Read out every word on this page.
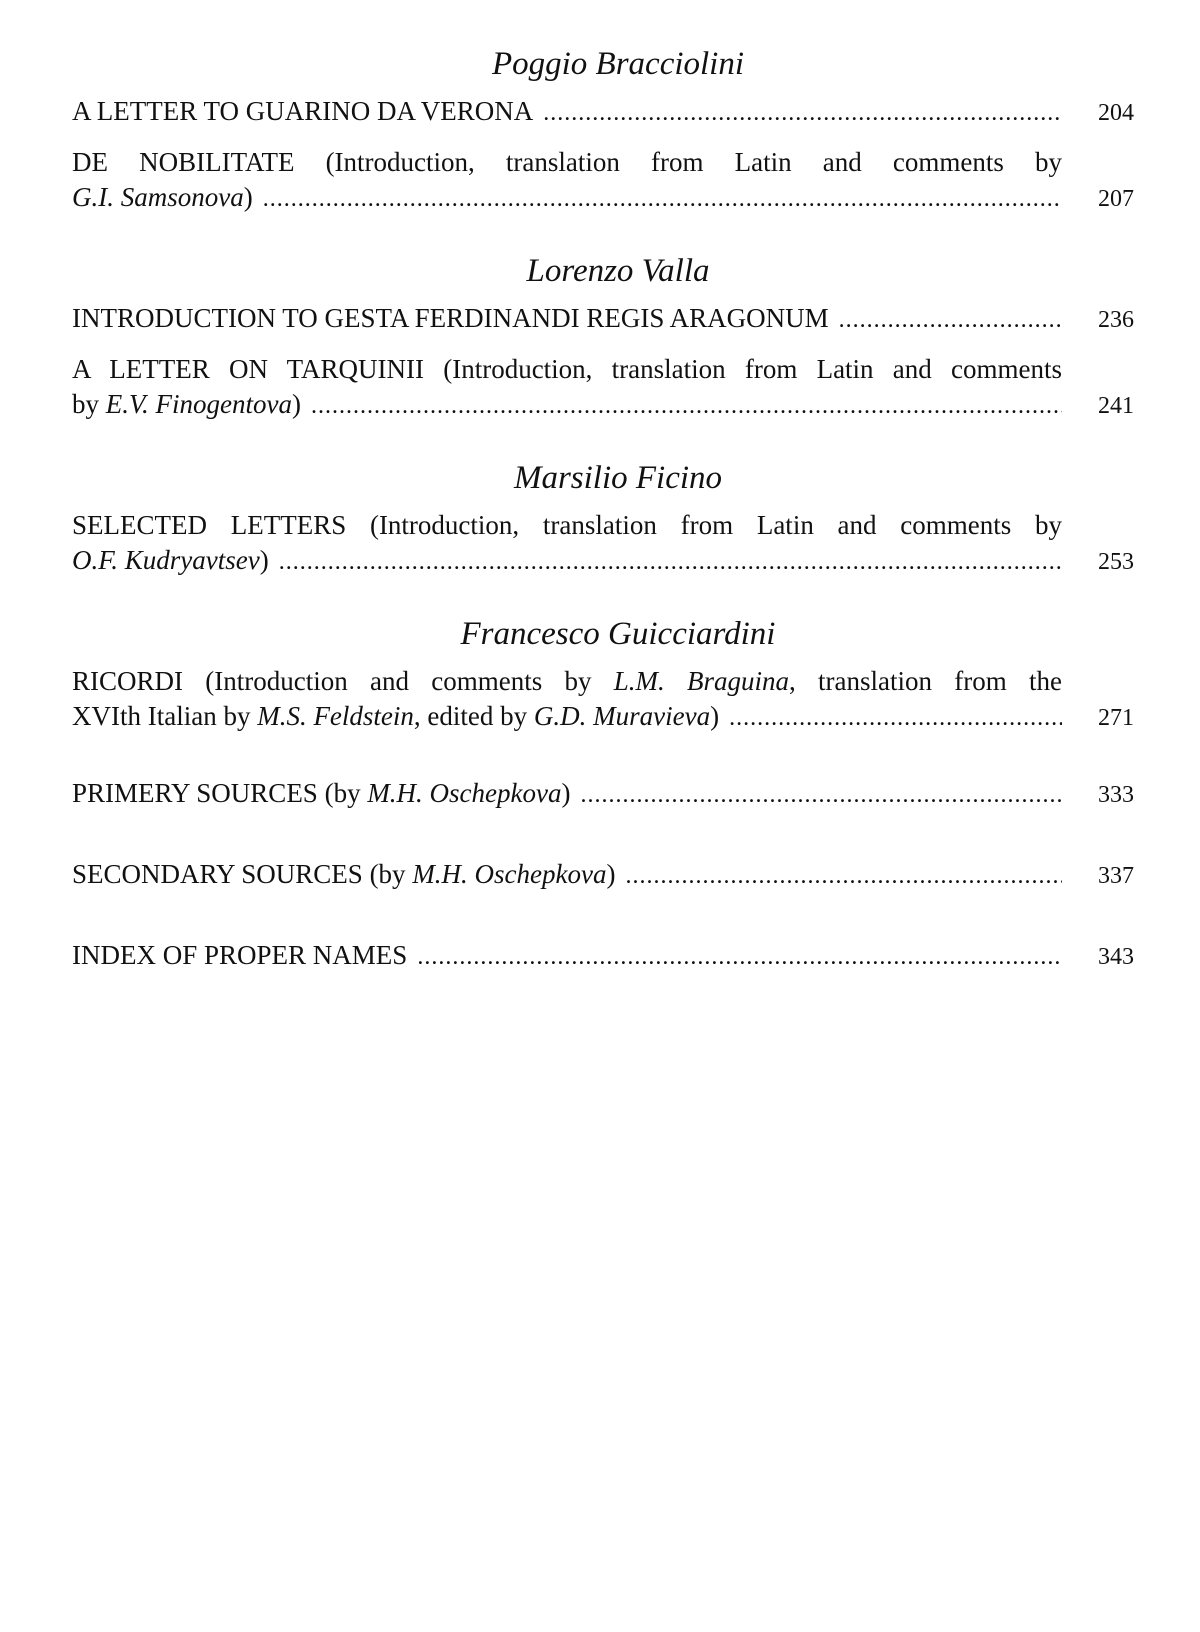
Poggio Bracciolini
A LETTER TO GUARINO DA VERONA .....	204
DE NOBILITATE (Introduction, translation from Latin and comments by
G.I. Samsonova) .....	207
Lorenzo Valla
INTRODUCTION TO GESTA FERDINANDI REGIS ARAGONUM .....	236
A LETTER ON TARQUINII (Introduction, translation from Latin and comments
by E.V. Finogentova) .....	241
Marsilio Ficino
SELECTED LETTERS (Introduction, translation from Latin and comments by
O.F. Kudryavtsev) .....	253
Francesco Guicciardini
RICORDI (Introduction and comments by L.M. Braguina, translation from the
XVIth Italian by M.S. Feldstein, edited by G.D. Muravieva) .....	271
PRIMERY SOURCES (by M.H. Oschepkova) .....	333
SECONDARY SOURCES (by M.H. Oschepkova) .....	337
INDEX OF PROPER NAMES .....	343
